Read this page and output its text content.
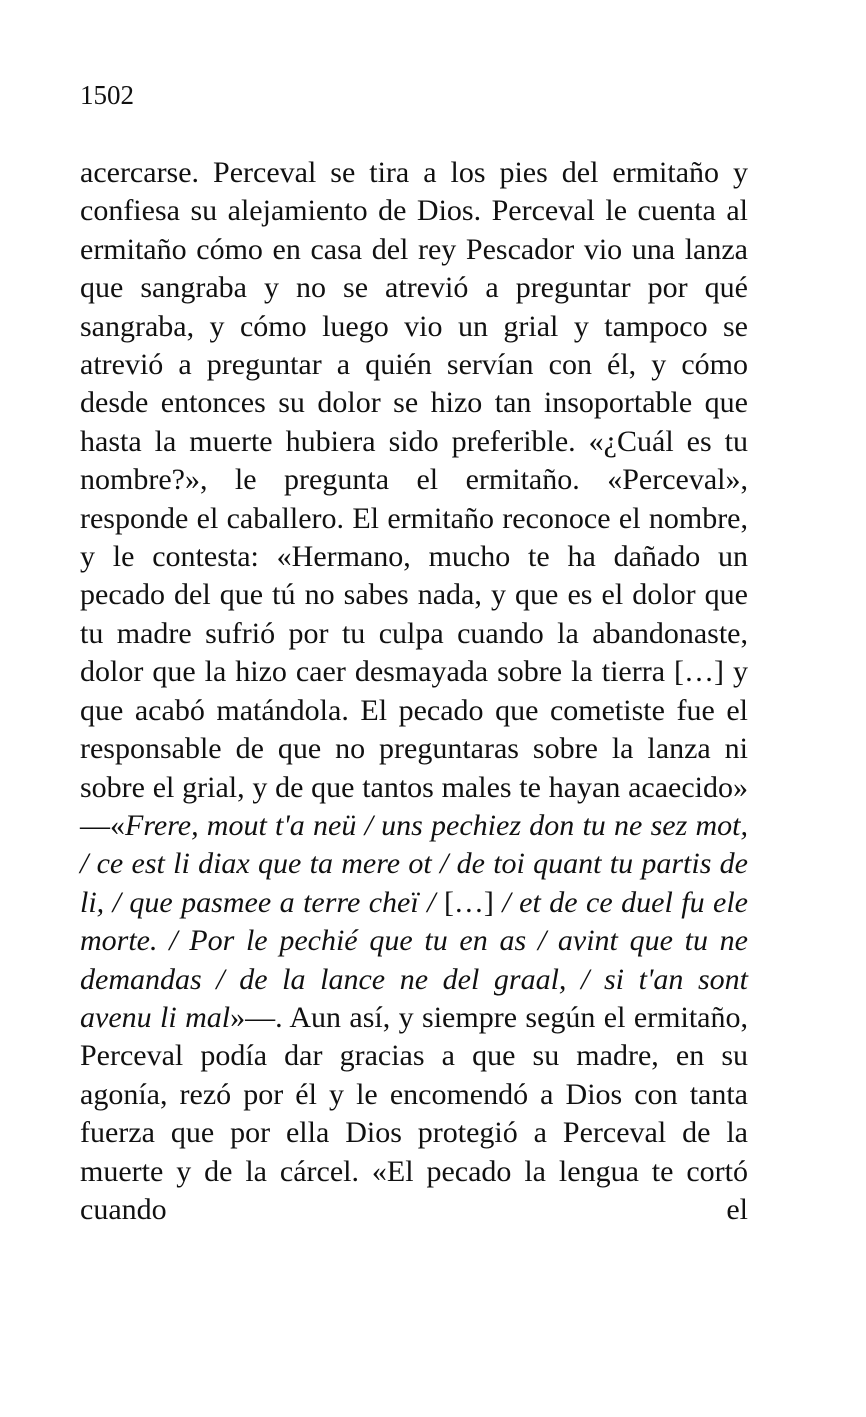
1502

acercarse. Perceval se tira a los pies del ermitaño y confiesa su alejamiento de Dios. Perceval le cuenta al ermitaño cómo en casa del rey Pescador vio una lanza que sangraba y no se atrevió a preguntar por qué sangraba, y cómo luego vio un grial y tampoco se atrevió a preguntar a quién servían con él, y cómo desde entonces su dolor se hizo tan insoportable que hasta la muerte hubiera sido preferible. «¿Cuál es tu nombre?», le pregunta el ermitaño. «Perceval», responde el caballero. El ermitaño reconoce el nombre, y le contesta: «Hermano, mucho te ha dañado un pecado del que tú no sabes nada, y que es el dolor que tu madre sufrió por tu culpa cuando la abandonaste, dolor que la hizo caer desmayada sobre la tierra […] y que acabó matándola. El pecado que cometiste fue el responsable de que no preguntaras sobre la lanza ni sobre el grial, y de que tantos males te hayan acaecido» —«Frere, mout t'a neü / uns pechiez don tu ne sez mot, / ce est li diax que ta mere ot / de toi quant tu partis de li, / que pasmee a terre cheï / […] / et de ce duel fu ele morte. / Por le pechié que tu en as / avint que tu ne demandas / de la lance ne del graal, / si t'an sont avenu li mal»—. Aun así, y siempre según el ermitaño, Perceval podía dar gracias a que su madre, en su agonía, rezó por él y le encomendó a Dios con tanta fuerza que por ella Dios protegió a Perceval de la muerte y de la cárcel. «El pecado la lengua te cortó cuando el
